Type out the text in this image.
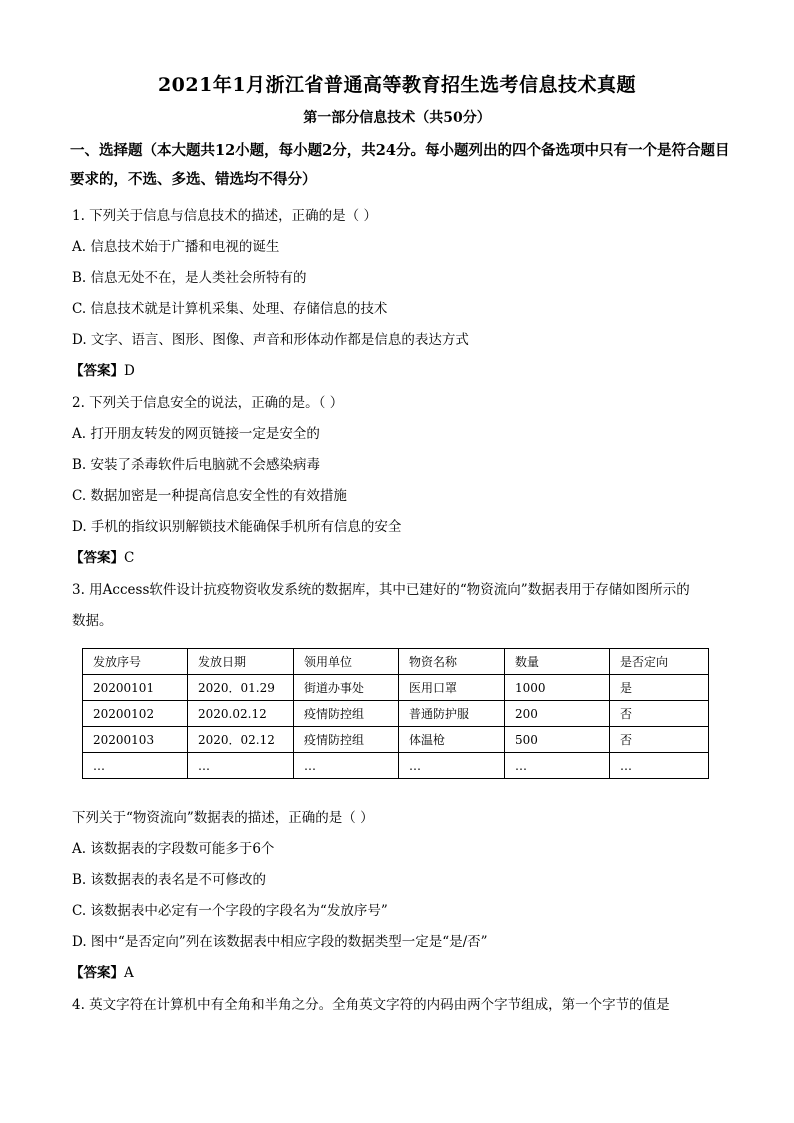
2021年1月浙江省普通高等教育招生选考信息技术真题
第一部分信息技术（共50分）
一、选择题（本大题共12小题，每小题2分，共24分。每小题列出的四个备选项中只有一个是符合题目要求的，不选、多选、错选均不得分）
1. 下列关于信息与信息技术的描述，正确的是（ ）
A. 信息技术始于广播和电视的诞生
B. 信息无处不在，是人类社会所特有的
C. 信息技术就是计算机采集、处理、存储信息的技术
D. 文字、语言、图形、图像、声音和形体动作都是信息的表达方式
【答案】D
2. 下列关于信息安全的说法，正确的是。（ ）
A. 打开朋友转发的网页链接一定是安全的
B. 安装了杀毒软件后电脑就不会感染病毒
C. 数据加密是一种提高信息安全性的有效措施
D. 手机的指纹识别解锁技术能确保手机所有信息的安全
【答案】C
3. 用Access软件设计抗疫物资收发系统的数据库，其中已建好的“物资流向”数据表用于存储如图所示的
数据。
发放序号	发放日期	领用单位	物资名称	数量	是否定向
20200101	2020．01.29	街道办事处	医用口罩	1000	是
20200102	2020.02.12	疫情防控组	普通防护服	200	否
20200103	2020．02.12	疫情防控组	体温枪	500	否
…	…	…	…	…	…
下列关于“物资流向”数据表的描述，正确的是（ ）
A. 该数据表的字段数可能多于6个
B. 该数据表的表名是不可修改的
C. 该数据表中必定有一个字段的字段名为“发放序号”
D. 图中“是否定向”列在该数据表中相应字段的数据类型一定是“是/否”
【答案】A
4. 英文字符在计算机中有全角和半角之分。全角英文字符的内码由两个字节组成，第一个字节的值是
